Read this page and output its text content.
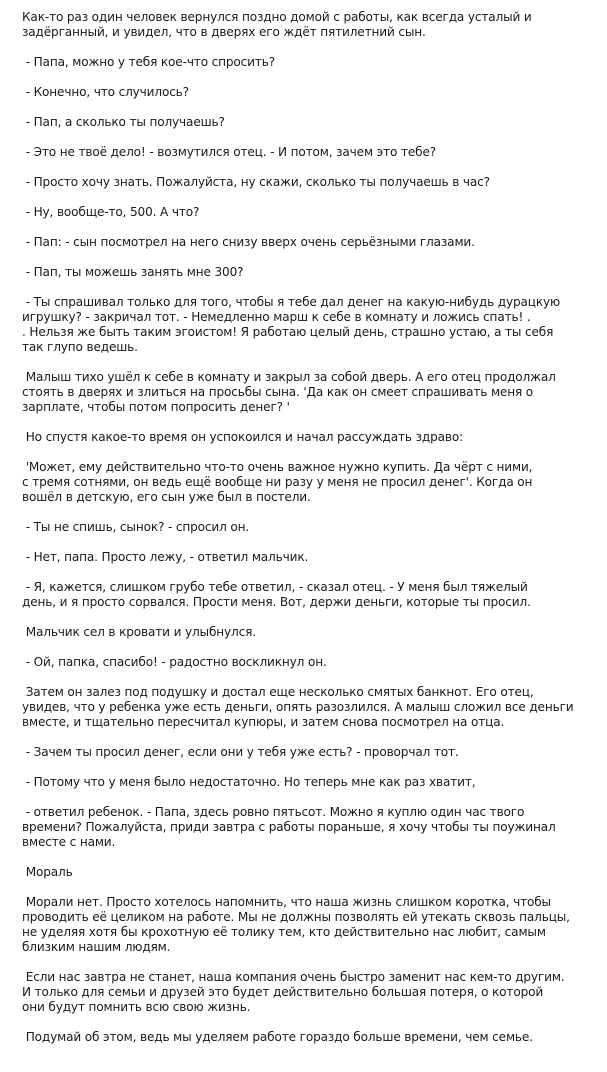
Как-то раз один человек вернулся поздно домой с работы, как всегда усталый и
задёрганный, и увидел, что в дверях его ждёт пятилетний сын.

- Папа, можно у тебя кое-что спросить?

- Конечно, что случилось?

- Пап, а сколько ты получаешь?

- Это не твоё дело! - возмутился отец. - И потом, зачем это тебе?

- Просто хочу знать. Пожалуйста, ну скажи, сколько ты получаешь в час?

- Ну, вообще-то, 500. А что?

- Пап: - сын посмотрел на него снизу вверх очень серьёзными глазами.

- Пап, ты можешь занять мне 300?

- Ты спрашивал только для того, чтобы я тебе дал денег на какую-нибудь дурацкую
игрушку? - закричал тот. - Немедленно марш к себе в комнату и ложись спать! .
. Нельзя же быть таким эгоистом! Я работаю целый день, страшно устаю, а ты себя
так глупо ведешь.

Малыш тихо ушёл к себе в комнату и закрыл за собой дверь. А его отец продолжал
стоять в дверях и злиться на просьбы сына. 'Да как он смеет спрашивать меня о
зарплате, чтобы потом попросить денег? '

Но спустя какое-то время он успокоился и начал рассуждать здраво:

'Может, ему действительно что-то очень важное нужно купить. Да чёрт с ними,
с тремя сотнями, он ведь ещё вообще ни разу у меня не просил денег'. Когда он
вошёл в детскую, его сын уже был в постели.

- Ты не спишь, сынок? - спросил он.

- Нет, папа. Просто лежу, - ответил мальчик.

- Я, кажется, слишком грубо тебе ответил, - сказал отец. - У меня был тяжелый
день, и я просто сорвался. Прости меня. Вот, держи деньги, которые ты просил.

Мальчик сел в кровати и улыбнулся.

- Ой, папка, спасибо! - радостно воскликнул он.

Затем он залез под подушку и достал еще несколько смятых банкнот. Его отец,
увидев, что у ребенка уже есть деньги, опять разозлился. А малыш сложил все деньги
вместе, и тщательно пересчитал купюры, и затем снова посмотрел на отца.

- Зачем ты просил денег, если они у тебя уже есть? - проворчал тот.

- Потому что у меня было недостаточно. Но теперь мне как раз хватит,

- ответил ребенок. - Папа, здесь ровно пятьсот. Можно я куплю один час твого
времени? Пожалуйста, приди завтра с работы пораньше, я хочу чтобы ты поужинал
вместе с нами.

Мораль

Морали нет. Просто хотелось напомнить, что наша жизнь слишком коротка, чтобы
проводить её целиком на работе. Мы не должны позволять ей утекать сквозь пальцы,
не уделяя хотя бы крохотную её толику тем, кто действительно нас любит, самым
близким нашим людям.

Если нас завтра не станет, наша компания очень быстро заменит нас кем-то другим.
И только для семьи и друзей это будет действительно большая потеря, о которой
они будут помнить всю свою жизнь.

Подумай об этом, ведь мы уделяем работе гораздо больше времени, чем семье.
